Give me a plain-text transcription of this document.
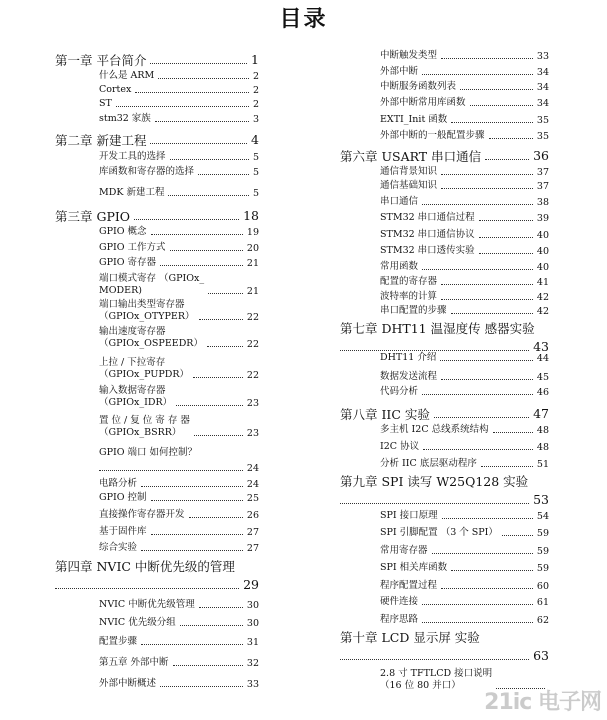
目录
第一章 平台简介	1
什么是 ARM	2
Cortex	2
ST	2
stm32 家族	3
第二章 新建工程	4
开发工具的选择	5
库函数和寄存器的选择	5
MDK 新建工程	5
第三章 GPIO	18
GPIO 概念	19
GPIO 工作方式	20
GPIO 寄存器	21
端口模式寄存 （GPIOx_
MODER)	21
端口输出类型寄存器
（GPIOx_OTYPER）	22
输出速度寄存器
（GPIOx_OSPEEDR）	22
上拉 / 下拉寄存
（GPIOx_PUPDR）	22
输入数据寄存器
（GPIOx_IDR）	23
置 位 / 复 位 寄 存 器
（GPIOx_BSRR）	23
GPIO 端口 如何控制？
24
电路分析	24
GPIO 控制	25
直接操作寄存器开发	26
基于固件库	27
综合实验	27
第四章 NVIC 中断优先级的管理
29
NVIC 中断优先级管理	30
NVIC 优先级分组	30
配置步骤	31
第五章 外部中断	32
外部中断概述	33
中断触发类型	33
外部中断	34
中断服务函数列表	34
外部中断常用库函数	34
EXTI_Init 函数	35
外部中断的一般配置步骤	35
第六章 USART 串口通信	36
通信背景知识	37
通信基础知识	37
串口通信	38
STM32 串口通信过程	39
STM32 串口通信协议	40
STM32 串口透传实验	40
常用函数	40
配置的寄存器	41
波特率的计算	42
串口配置的步骤	42
第七章 DHT11 温湿度传 感器实验
43
DHT11 介绍	44
数据发送流程	45
代码分析	46
第八章 IIC 实验	47
多主机 I2C 总线系统结构	48
I2C 协议	48
分析 IIC 底层驱动程序	51
第九章 SPI 读写 W25Q128 实验
53
SPI 接口原理	54
SPI 引脚配置 （3 个 SPI）	59
常用寄存器	59
SPI 相关库函数	59
程序配置过程	60
硬件连接	61
程序思路	62
第十章 LCD 显示屏 实验
63
2.8 寸 TFTLCD 接口说明
（16 位 80 并口）
21ic 电子网
